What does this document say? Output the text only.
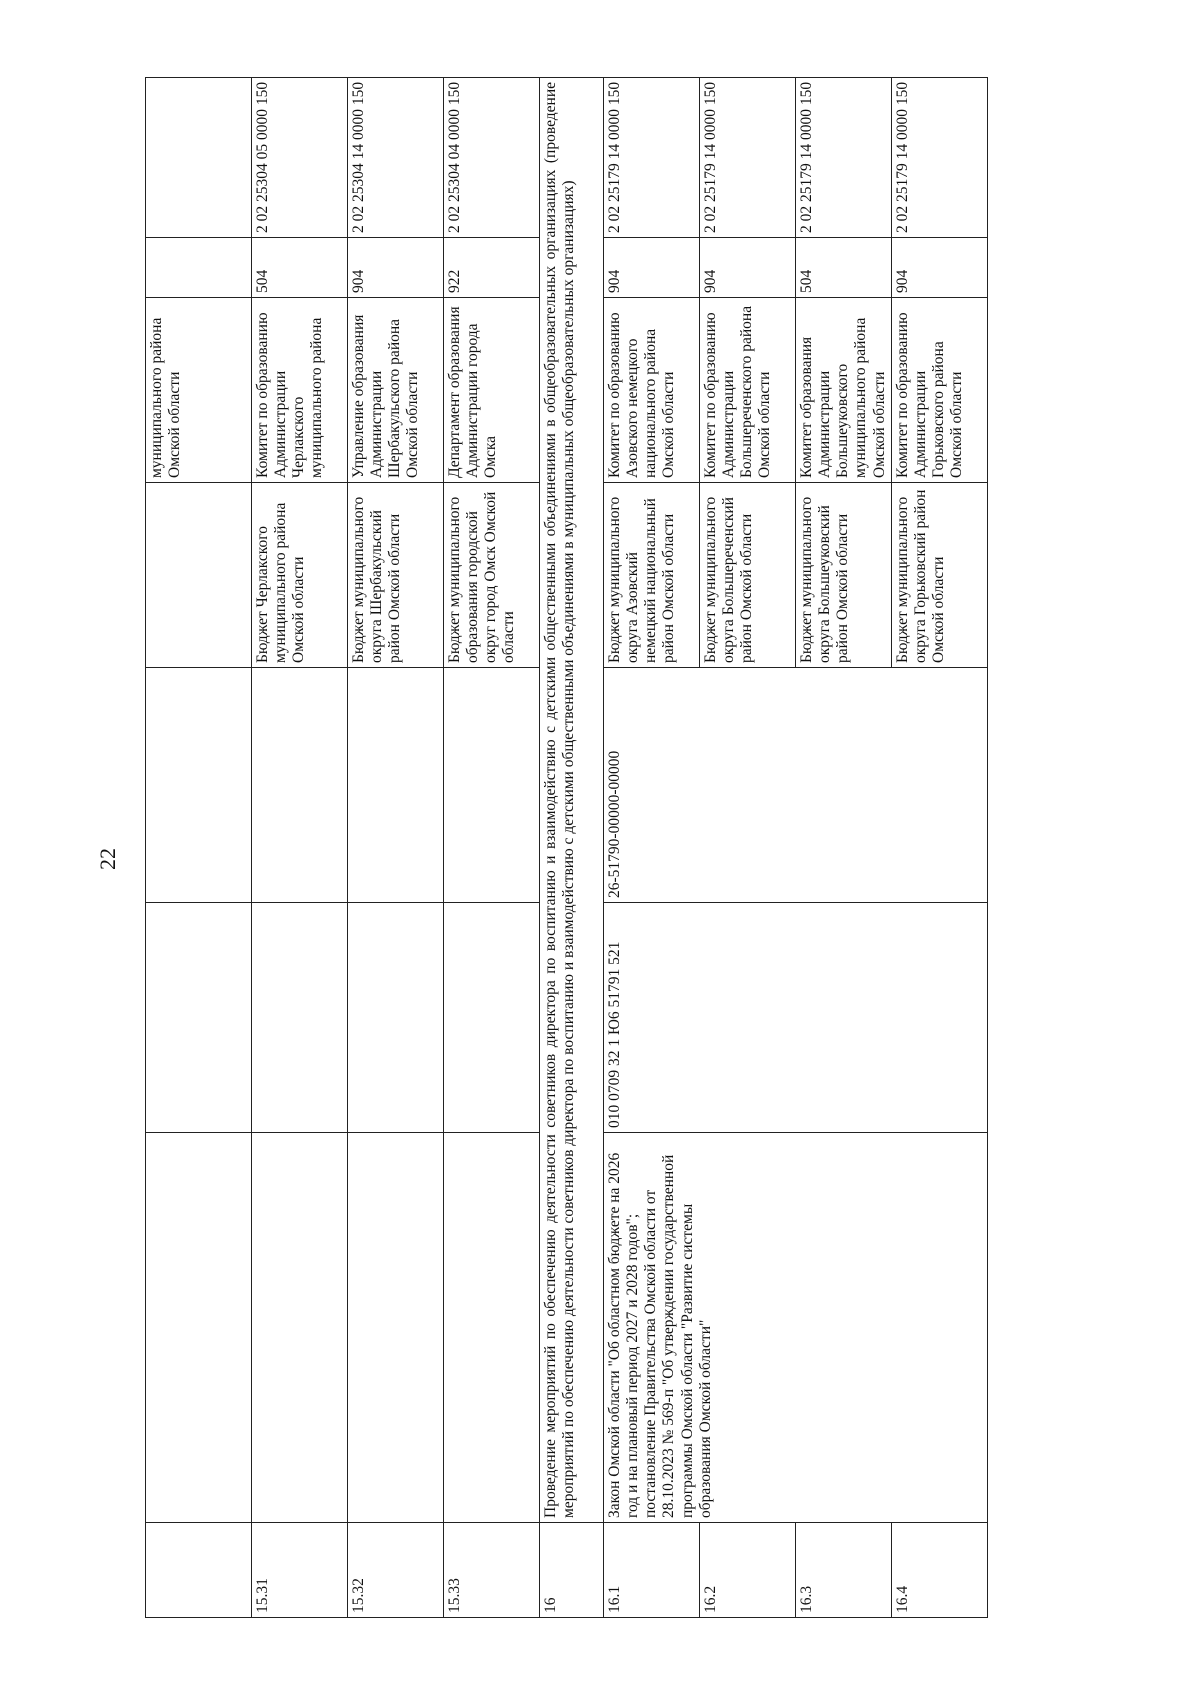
22
					муниципального района Омской области		
15.31				Бюджет Черлакского муниципального района Омской области	Комитет по образованию Администрации Черлакского муниципального района	504	2 02 25304 05 0000 150
15.32				Бюджет муниципального округа Шербакульский район Омской области	Управление образования Администрации Шербакульского района Омской области	904	2 02 25304 14 0000 150
15.33				Бюджет муниципального образования городской округ город Омск Омской области	Департамент образования Администрации города Омска	922	2 02 25304 04 0000 150
16	Проведение мероприятий по обеспечению деятельности советников директора по воспитанию и взаимодействию с детскими общественными объединениями в общеобразовательных организациях (проведение мероприятий по обеспечению деятельности советников директора по воспитанию и взаимодействию с детскими общественными объединениями в муниципальных общеобразовательных организациях)						
16.1	Закон Омской области "Об областном бюджете на 2026 год и на плановый период 2027 и 2028 годов"; постановление Правительства Омской области от 28.10.2023 № 569-п "Об утверждении государственной программы Омской области "Развитие системы образования Омской области"	010 0709 32 1 Ю6 51791 521	26-51790-00000-00000	Бюджет муниципального округа Азовский немецкий национальный район Омской области	Комитет по образованию Азовского немецкого национального района Омской области	904	2 02 25179 14 0000 150
16.2				Бюджет муниципального округа Большереченский район Омской области	Комитет по образованию Администрации Большереченского района Омской области	904	2 02 25179 14 0000 150
16.3				Бюджет муниципального округа Большеуковский район Омской области	Комитет образования Администрации Большеуковского муниципального района Омской области	504	2 02 25179 14 0000 150
16.4				Бюджет муниципального округа Горьковский район Омской области	Комитет по образованию Администрации Горьковского района Омской области	904	2 02 25179 14 0000 150
